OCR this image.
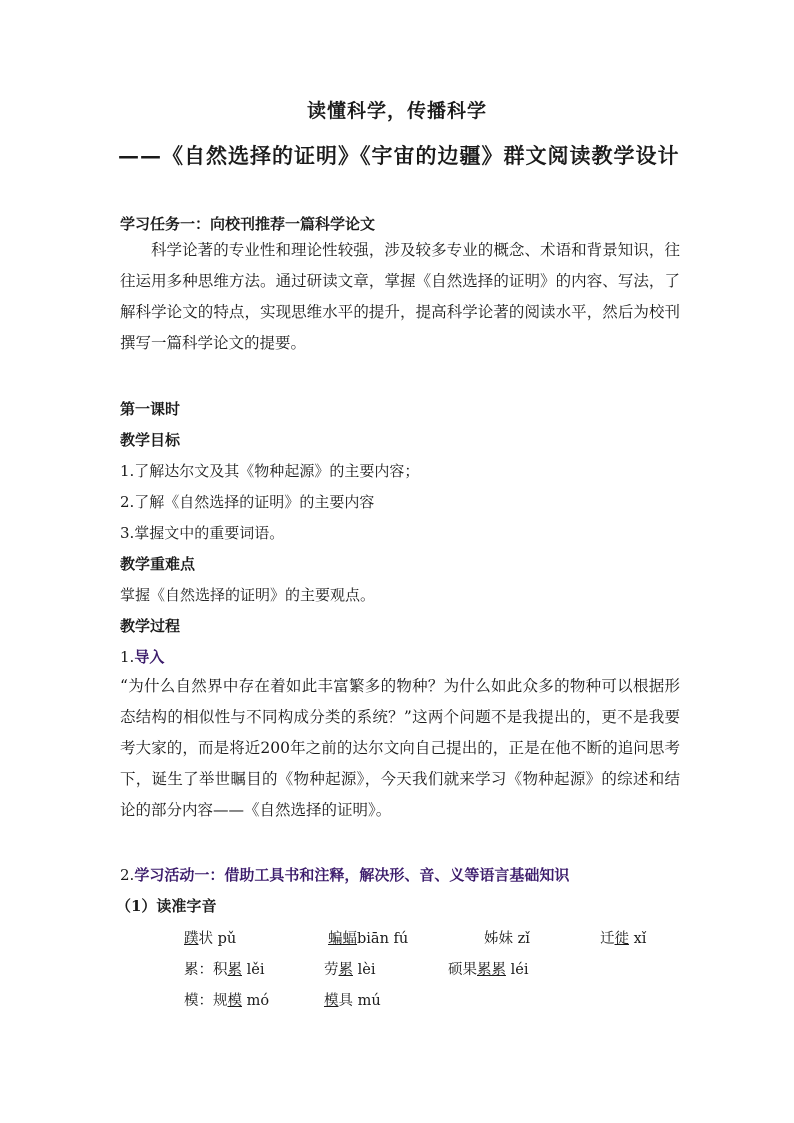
读懂科学，传播科学
——《自然选择的证明》《宇宙的边疆》群文阅读教学设计
学习任务一：向校刊推荐一篇科学论文
科学论著的专业性和理论性较强，涉及较多专业的概念、术语和背景知识，往往运用多种思维方法。通过研读文章，掌握《自然选择的证明》的内容、写法，了解科学论文的特点，实现思维水平的提升，提高科学论著的阅读水平，然后为校刊撰写一篇科学论文的提要。
第一课时
教学目标
1.了解达尔文及其《物种起源》的主要内容；
2.了解《自然选择的证明》的主要内容
3.掌握文中的重要词语。
教学重难点
掌握《自然选择的证明》的主要观点。
教学过程
1.导入
“为什么自然界中存在着如此丰富繁多的物种？为什么如此众多的物种可以根据形态结构的相似性与不同构成分类的系统？”这两个问题不是我提出的，更不是我要考大家的，而是将近200年之前的达尔文向自己提出的，正是在他不断的追问思考下，诞生了举世瞩目的《物种起源》，今天我们就来学习《物种起源》的综述和结论的部分内容——《自然选择的证明》。
2.学习活动一：借助工具书和注释，解决形、音、义等语言基础知识
（1）读准字音
蹼状 pǔ	蝙蝠biān fú	姊妹 zǐ	迁徙 xǐ
累：积累 lěi	劳累 lèi	硕果累累 léi
模：规模 mó	模具 mú
